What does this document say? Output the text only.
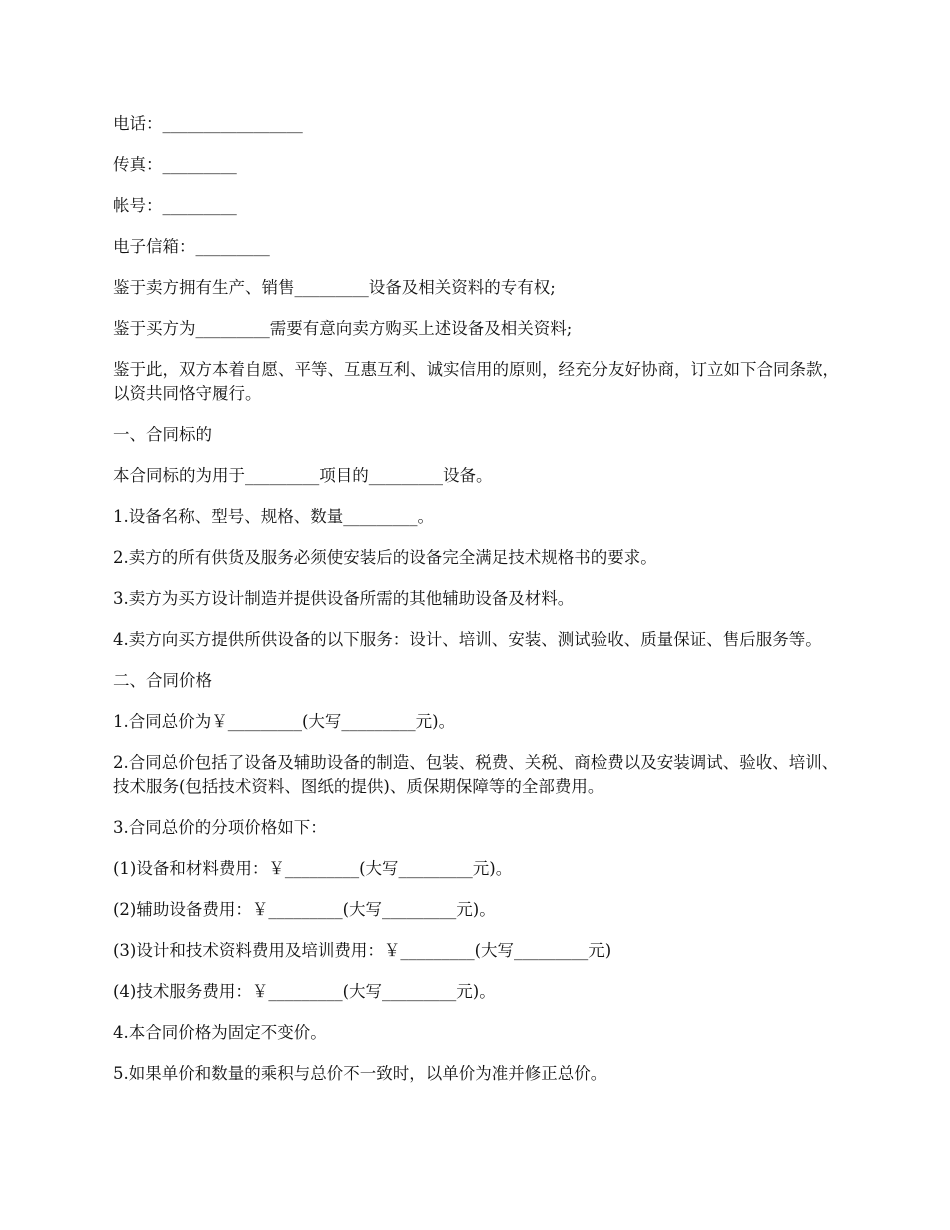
电话：_________________

传真：_________

帐号：_________

电子信箱：_________

鉴于卖方拥有生产、销售_________设备及相关资料的专有权;

鉴于买方为_________需要有意向卖方购买上述设备及相关资料;

鉴于此，双方本着自愿、平等、互惠互利、诚实信用的原则，经充分友好协商，订立如下合同条款，以资共同恪守履行。

一、合同标的

本合同标的为用于_________项目的_________设备。

1.设备名称、型号、规格、数量_________。

2.卖方的所有供货及服务必须使安装后的设备完全满足技术规格书的要求。

3.卖方为买方设计制造并提供设备所需的其他辅助设备及材料。

4.卖方向买方提供所供设备的以下服务：设计、培训、安装、测试验收、质量保证、售后服务等。

二、合同价格

1.合同总价为￥_________(大写_________元)。

2.合同总价包括了设备及辅助设备的制造、包装、税费、关税、商检费以及安装调试、验收、培训、技术服务(包括技术资料、图纸的提供)、质保期保障等的全部费用。

3.合同总价的分项价格如下：

(1)设备和材料费用：￥_________(大写_________元)。

(2)辅助设备费用：￥_________(大写_________元)。

(3)设计和技术资料费用及培训费用：￥_________(大写_________元)

(4)技术服务费用：￥_________(大写_________元)。

4.本合同价格为固定不变价。

5.如果单价和数量的乘积与总价不一致时，以单价为准并修正总价。
